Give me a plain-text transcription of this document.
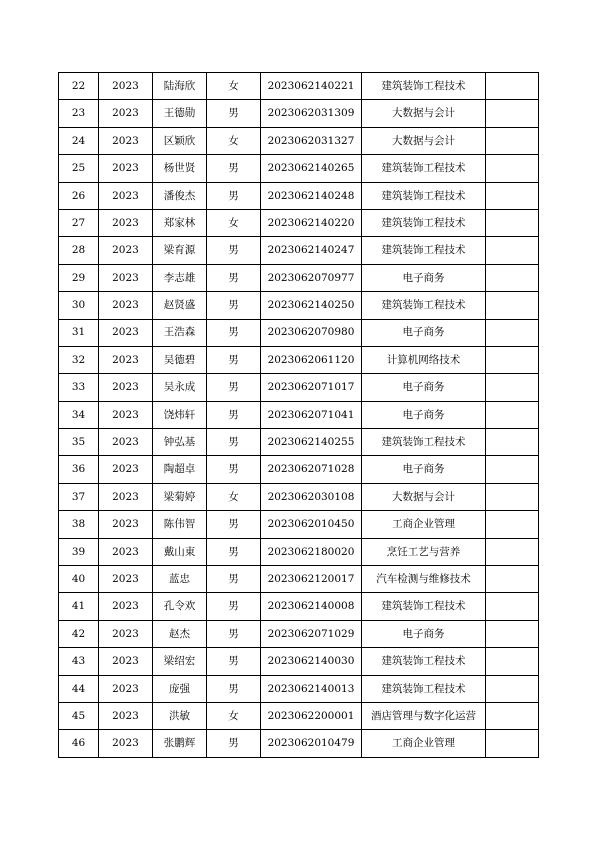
22	2023	陆海欣	女	2023062140221	建筑装饰工程技术	
23	2023	王德勋	男	2023062031309	大数据与会计	
24	2023	区颖欣	女	2023062031327	大数据与会计	
25	2023	杨世贤	男	2023062140265	建筑装饰工程技术	
26	2023	潘俊杰	男	2023062140248	建筑装饰工程技术	
27	2023	郑家林	女	2023062140220	建筑装饰工程技术	
28	2023	梁育源	男	2023062140247	建筑装饰工程技术	
29	2023	李志雄	男	2023062070977	电子商务	
30	2023	赵贤盛	男	2023062140250	建筑装饰工程技术	
31	2023	王浩森	男	2023062070980	电子商务	
32	2023	吴德碧	男	2023062061120	计算机网络技术	
33	2023	吴永成	男	2023062071017	电子商务	
34	2023	饶炜轩	男	2023062071041	电子商务	
35	2023	钟弘基	男	2023062140255	建筑装饰工程技术	
36	2023	陶超卓	男	2023062071028	电子商务	
37	2023	梁菊婷	女	2023062030108	大数据与会计	
38	2023	陈伟智	男	2023062010450	工商企业管理	
39	2023	戴山東	男	2023062180020	烹饪工艺与营养	
40	2023	蓝忠	男	2023062120017	汽车检测与维修技术	
41	2023	孔令欢	男	2023062140008	建筑装饰工程技术	
42	2023	赵杰	男	2023062071029	电子商务	
43	2023	梁绍宏	男	2023062140030	建筑装饰工程技术	
44	2023	庞强	男	2023062140013	建筑装饰工程技术	
45	2023	洪敏	女	2023062200001	酒店管理与数字化运营	
46	2023	张鹏辉	男	2023062010479	工商企业管理	
